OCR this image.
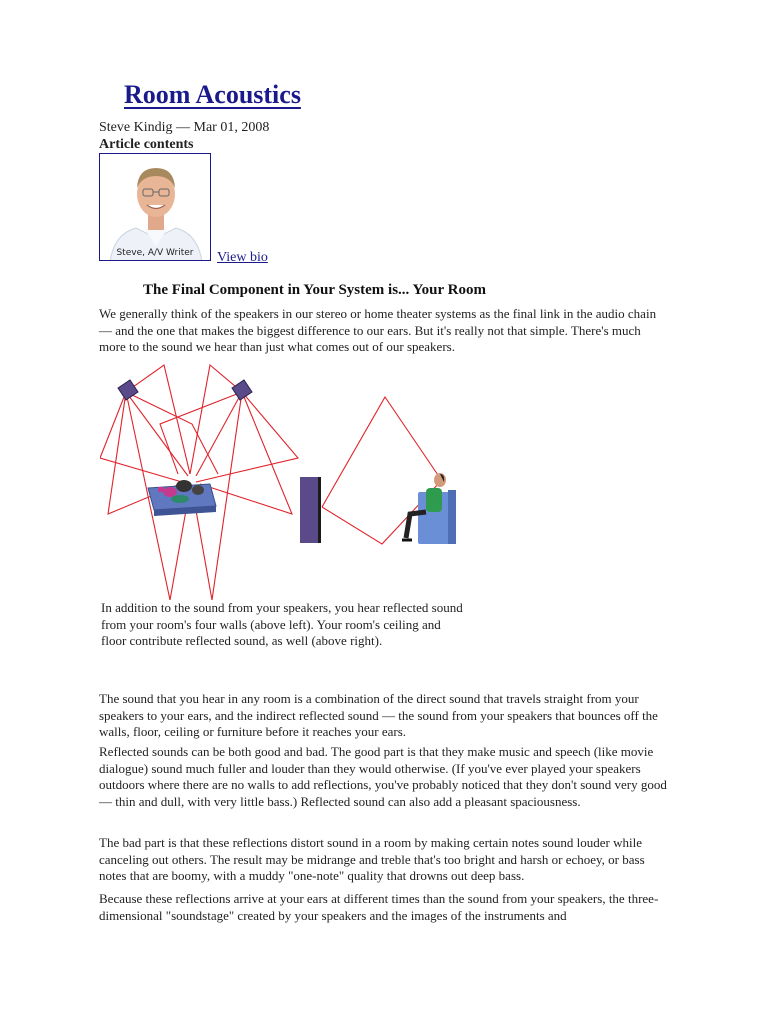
Room Acoustics
Steve Kindig — Mar 01, 2008
Article contents
Steve, A/V Writer	View bio
The Final Component in Your System is... Your Room

We generally think of the speakers in our stereo or home theater systems as the final link in the audio chain — and the one that makes the biggest difference to our ears. But it's really not that simple. There's much more to the sound we hear than just what comes out of our speakers.

In addition to the sound from your speakers, you hear reflected sound from your room's four walls (above left). Your room's ceiling and floor contribute reflected sound, as well (above right).

The sound that you hear in any room is a combination of the direct sound that travels straight from your speakers to your ears, and the indirect reflected sound — the sound from your speakers that bounces off the walls, floor, ceiling or furniture before it reaches your ears.

Reflected sounds can be both good and bad. The good part is that they make music and speech (like movie dialogue) sound much fuller and louder than they would otherwise. (If you've ever played your speakers outdoors where there are no walls to add reflections, you've probably noticed that they don't sound very good — thin and dull, with very little bass.) Reflected sound can also add a pleasant spaciousness.

The bad part is that these reflections distort sound in a room by making certain notes sound louder while canceling out others. The result may be midrange and treble that's too bright and harsh or echoey, or bass notes that are boomy, with a muddy "one-note" quality that drowns out deep bass.

Because these reflections arrive at your ears at different times than the sound from your speakers, the three-dimensional "soundstage" created by your speakers and the images of the instruments and
